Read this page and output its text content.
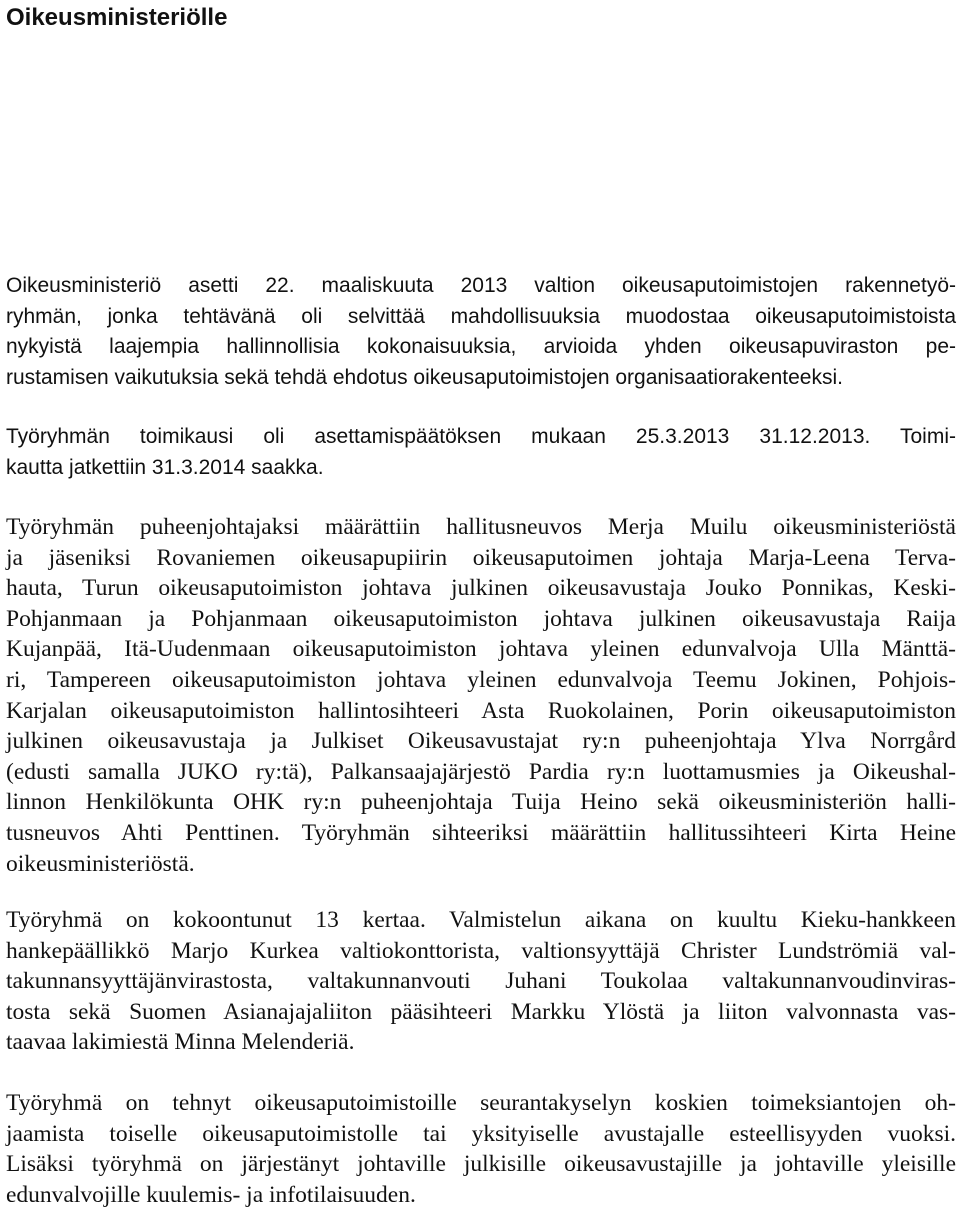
Oikeusministeriölle
Oikeusministeriö asetti 22. maaliskuuta 2013 valtion oikeusaputoimistojen rakennetyö-
ryhmän, jonka tehtävänä oli selvittää mahdollisuuksia muodostaa oikeusaputoimistoista
nykyistä laajempia hallinnollisia kokonaisuuksia, arvioida yhden oikeusapuviraston pe-
rustamisen vaikutuksia sekä tehdä ehdotus oikeusaputoimistojen organisaatiorakenteeksi.
Työryhmän toimikausi oli asettamispäätöksen mukaan 25.3.2013 31.12.2013. Toimi-
kautta jatkettiin 31.3.2014 saakka.
Työryhmän puheenjohtajaksi määrättiin hallitusneuvos Merja Muilu oikeusministeriöstä
ja jäseniksi Rovaniemen oikeusapupiirin oikeusaputoimen johtaja Marja-Leena Terva-
hauta, Turun oikeusaputoimiston johtava julkinen oikeusavustaja Jouko Ponnikas, Keski-
Pohjanmaan ja Pohjanmaan oikeusaputoimiston johtava julkinen oikeusavustaja Raija
Kujanpää, Itä-Uudenmaan oikeusaputoimiston johtava yleinen edunvalvoja Ulla Mänttä-
ri, Tampereen oikeusaputoimiston johtava yleinen edunvalvoja Teemu Jokinen, Pohjois-
Karjalan oikeusaputoimiston hallintosihteeri Asta Ruokolainen, Porin oikeusaputoimiston
julkinen oikeusavustaja ja Julkiset Oikeusavustajat ry:n puheenjohtaja Ylva Norrgård
(edusti samalla JUKO ry:tä), Palkansaajajärjestö Pardia ry:n luottamusmies ja Oikeushal-
linnon Henkilökunta OHK ry:n puheenjohtaja Tuija Heino sekä oikeusministeriön halli-
tusneuvos Ahti Penttinen. Työryhmän sihteeriksi määrättiin hallitussihteeri Kirta Heine
oikeusministeriöstä.
Työryhmä on kokoontunut 13 kertaa. Valmistelun aikana on kuultu Kieku-hankkeen
hankepäällikkö Marjo Kurkea valtiokonttorista, valtionsyyttäjä Christer Lundströmiä val-
takunnansyyttäjänvirastosta, valtakunnanvouti Juhani Toukolaa valtakunnanvoudinviras-
tosta sekä Suomen Asianajajaliiton pääsihteeri Markku Ylöstä ja liiton valvonnasta vas-
taavaa lakimiestä Minna Melenderiä.
Työryhmä on tehnyt oikeusaputoimistoille seurantakyselyn koskien toimeksiantojen oh-
jaamista toiselle oikeusaputoimistolle tai yksityiselle avustajalle esteellisyyden vuoksi.
Lisäksi työryhmä on järjestänyt johtaville julkisille oikeusavustajille ja johtaville yleisille
edunvalvojille kuulemis- ja infotilaisuuden.
